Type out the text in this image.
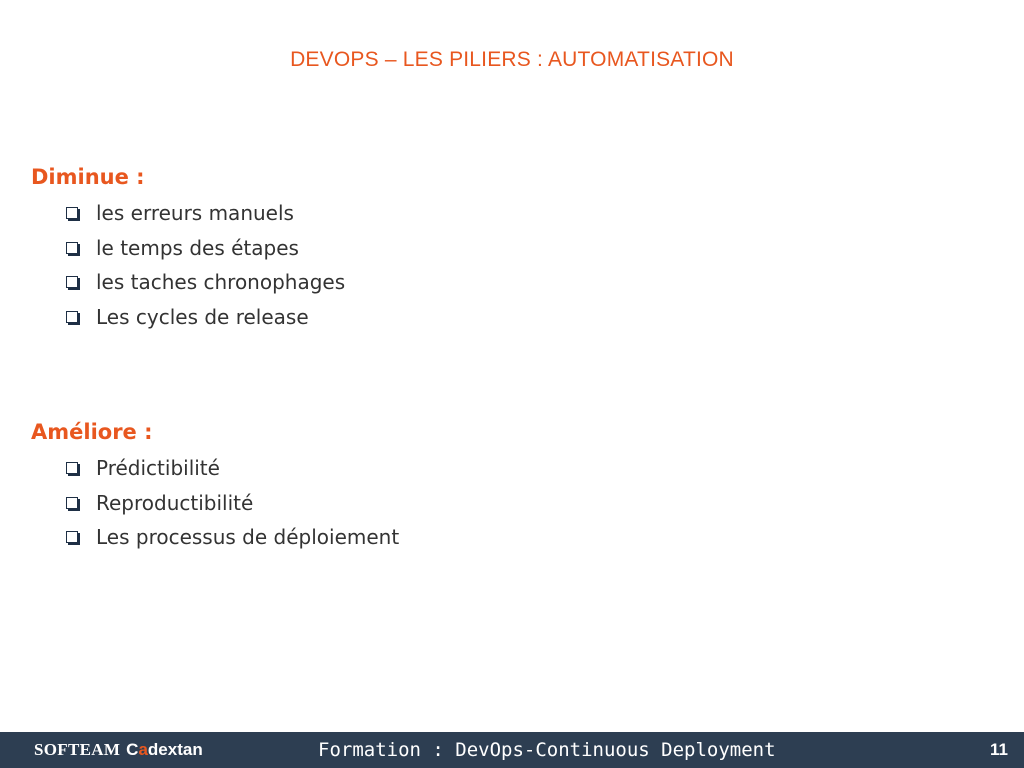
DEVOPS – LES PILIERS : AUTOMATISATION
Diminue :
les erreurs manuels
le temps des étapes
les taches chronophages
Les cycles de release
Améliore :
Prédictibilité
Reproductibilité
Les processus de déploiement
SOFTEAM Cadextan	Formation : DevOps-Continuous Deployment	11
